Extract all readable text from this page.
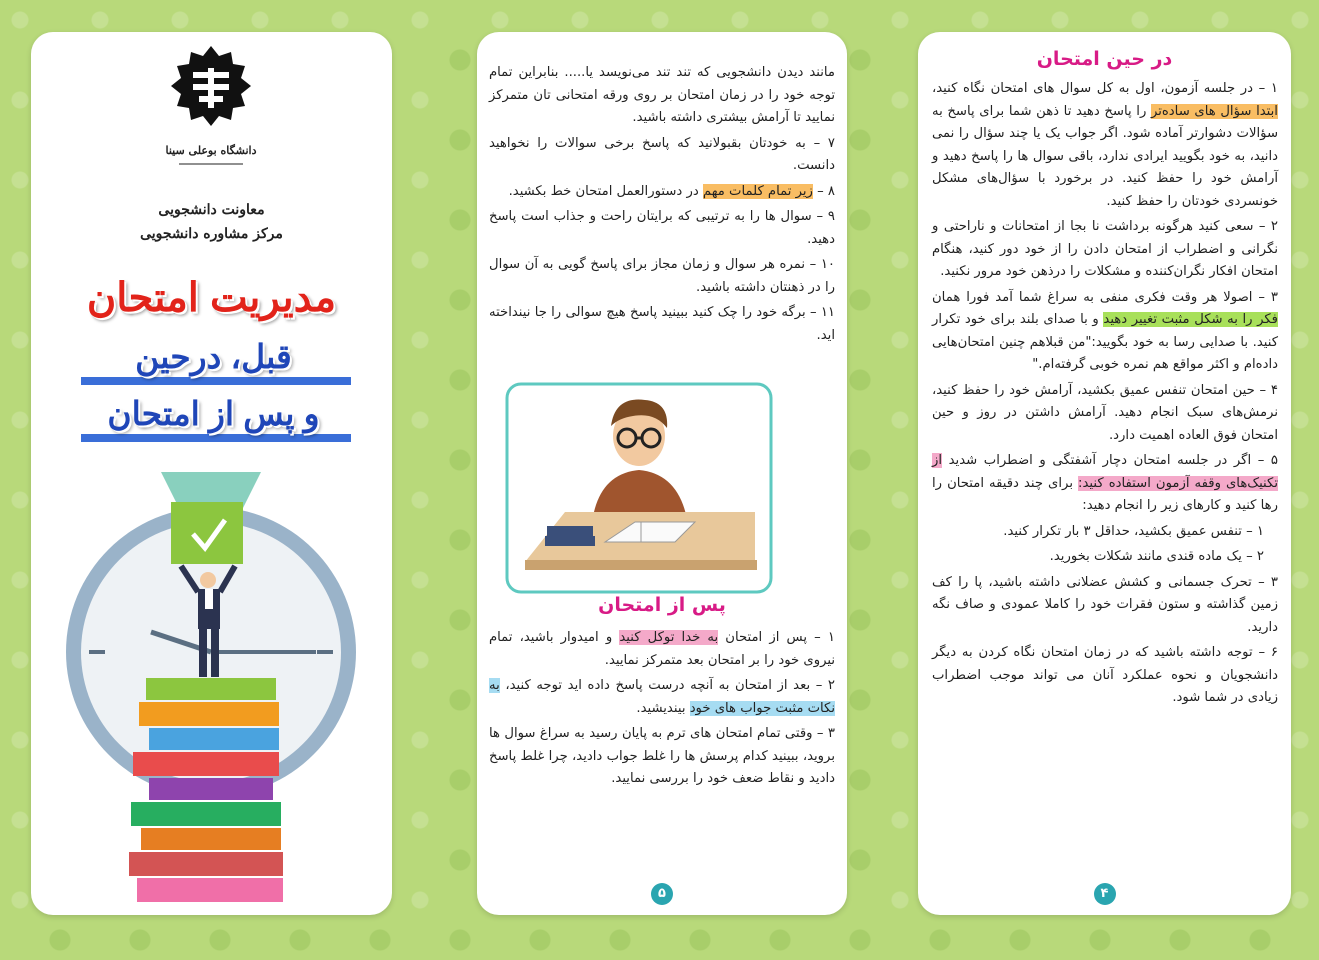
دانشگاه بوعلی سینا
معاونت دانشجویی
مرکز مشاوره دانشجویی
مدیریت امتحان
قبل، درحین
و پس از امتحان

مانند دیدن دانشجویی که تند تند می‌نویسد یا..... بنابراین تمام توجه خود را در زمان امتحان بر روی ورقه امتحانی تان متمرکز نمایید تا آرامش بیشتری داشته باشید.

۷ – به خودتان بقبولانید که پاسخ برخی سوالات را نخواهید دانست.

۸ – زیر تمام کلمات مهم در دستورالعمل امتحان خط بکشید.

۹ – سوال ها را به ترتیبی که برایتان راحت و جذاب است پاسخ دهید.

۱۰ – نمره هر سوال و زمان مجاز برای پاسخ گویی به آن سوال را در ذهنتان داشته باشید.

۱۱ – برگه خود را چک کنید ببینید پاسخ هیچ سوالی را جا نینداخته اید.

پس از امتحان

۱ – پس از امتحان به خدا توکل کنید و امیدوار باشید، تمام نیروی خود را بر امتحان بعد متمرکز نمایید.

۲ – بعد از امتحان به آنچه درست پاسخ داده اید توجه کنید، به نکات مثبت جواب های خود بیندیشید.

۳ – وقتی تمام امتحان های ترم به پایان رسید به سراغ سوال ها بروید، ببینید کدام پرسش ها را غلط جواب دادید، چرا غلط پاسخ دادید و نقاط ضعف خود را بررسی نمایید.

۵
در حین امتحان

۱ – در جلسه آزمون، اول به کل سوال های امتحان نگاه کنید، ابتدا سؤال های ساده‌تر را پاسخ دهید تا ذهن شما برای پاسخ به سؤالات دشوارتر آماده شود. اگر جواب یک یا چند سؤال را نمی دانید، به خود بگویید ایرادی ندارد، باقی سوال ها را پاسخ دهید و آرامش خود را حفظ کنید. در برخورد با سؤال‌های مشکل خونسردی خودتان را حفظ کنید.

۲ – سعی کنید هرگونه برداشت نا بجا از امتحانات و ناراحتی و نگرانی و اضطراب از امتحان دادن را از خود دور کنید، هنگام امتحان افکار نگران‌کننده و مشکلات را درذهن خود مرور نکنید.

۳ – اصولا هر وقت فکری منفی به سراغ شما آمد فورا همان فکر را به شکل مثبت تغییر دهید و با صدای بلند برای خود تکرار کنید. با صدایی رسا به خود بگویید:"من قبلاهم چنین امتحان‌هایی داده‌ام و اکثر مواقع هم نمره خوبی گرفته‌ام."

۴ – حین امتحان تنفس عمیق بکشید، آرامش خود را حفظ کنید، نرمش‌های سبک انجام دهید. آرامش داشتن در روز و حین امتحان فوق العاده اهمیت دارد.

۵ – اگر در جلسه امتحان دچار آشفتگی و اضطراب شدید از تکنیک‌های وقفه آزمون استفاده کنید: برای چند دقیقه امتحان را رها کنید و کارهای زیر را انجام دهید:

۱ – تنفس عمیق بکشید، حداقل ۳ بار تکرار کنید.

۲ – یک ماده قندی مانند شکلات بخورید.

۳ – تحرک جسمانی و کشش عضلانی داشته باشید، پا را کف زمین گذاشته و ستون فقرات خود را کاملا عمودی و صاف نگه دارید.

۶ – توجه داشته باشید که در زمان امتحان نگاه کردن به دیگر دانشجویان و نحوه عملکرد آنان می تواند موجب اضطراب زیادی در شما شود.

۴
